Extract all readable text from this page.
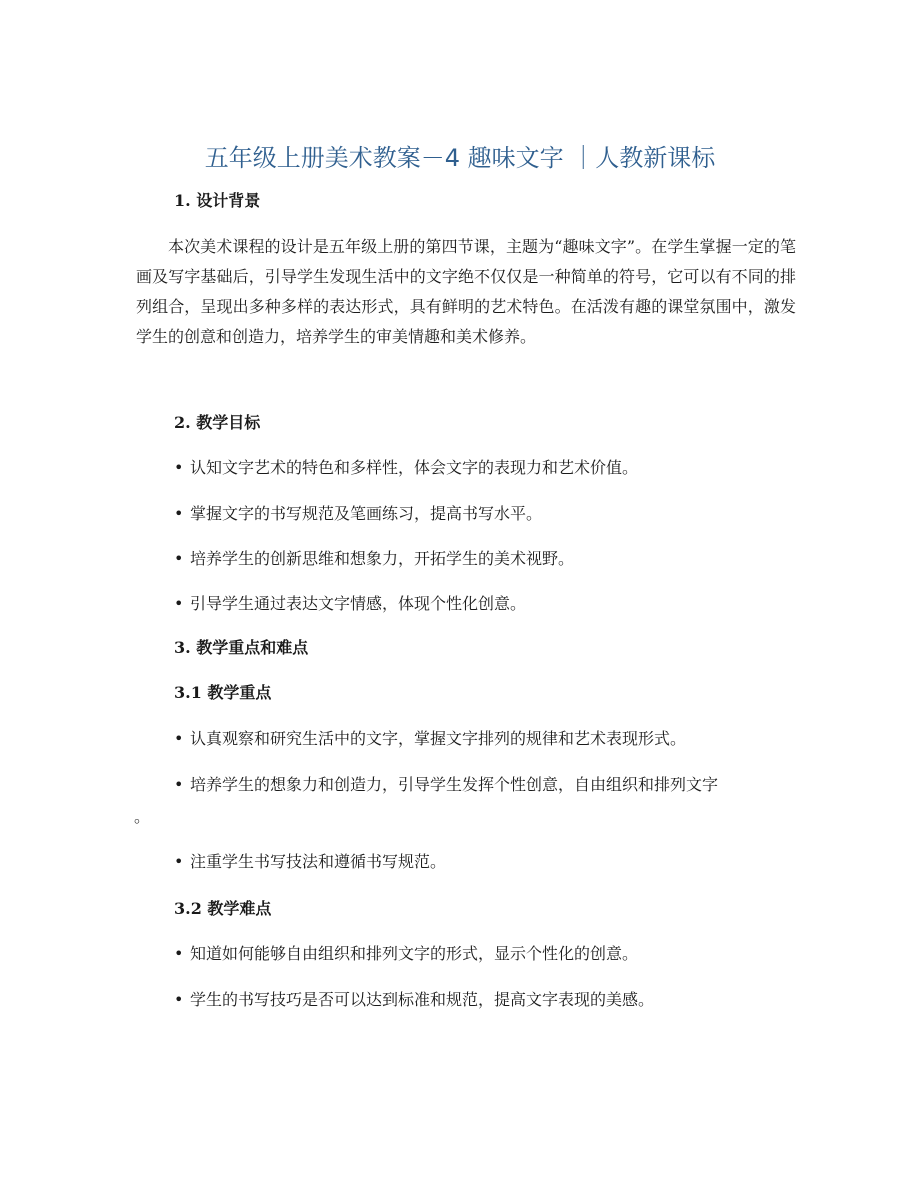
五年级上册美术教案－4 趣味文字 ｜人教新课标
1. 设计背景

本次美术课程的设计是五年级上册的第四节课，主题为“趣味文字”。在学生掌握一定的笔画及写字基础后，引导学生发现生活中的文字绝不仅仅是一种简单的符号，它可以有不同的排列组合，呈现出多种多样的表达形式，具有鲜明的艺术特色。在活泼有趣的课堂氛围中，激发学生的创意和创造力，培养学生的审美情趣和美术修养。

2. 教学目标
• 认知文字艺术的特色和多样性，体会文字的表现力和艺术价值。
• 掌握文字的书写规范及笔画练习，提高书写水平。
• 培养学生的创新思维和想象力，开拓学生的美术视野。
• 引导学生通过表达文字情感，体现个性化创意。
3. 教学重点和难点
3.1 教学重点
• 认真观察和研究生活中的文字，掌握文字排列的规律和艺术表现形式。
• 培养学生的想象力和创造力，引导学生发挥个性创意，自由组织和排列文字
。
• 注重学生书写技法和遵循书写规范。
3.2 教学难点
• 知道如何能够自由组织和排列文字的形式，显示个性化的创意。
• 学生的书写技巧是否可以达到标准和规范，提高文字表现的美感。
